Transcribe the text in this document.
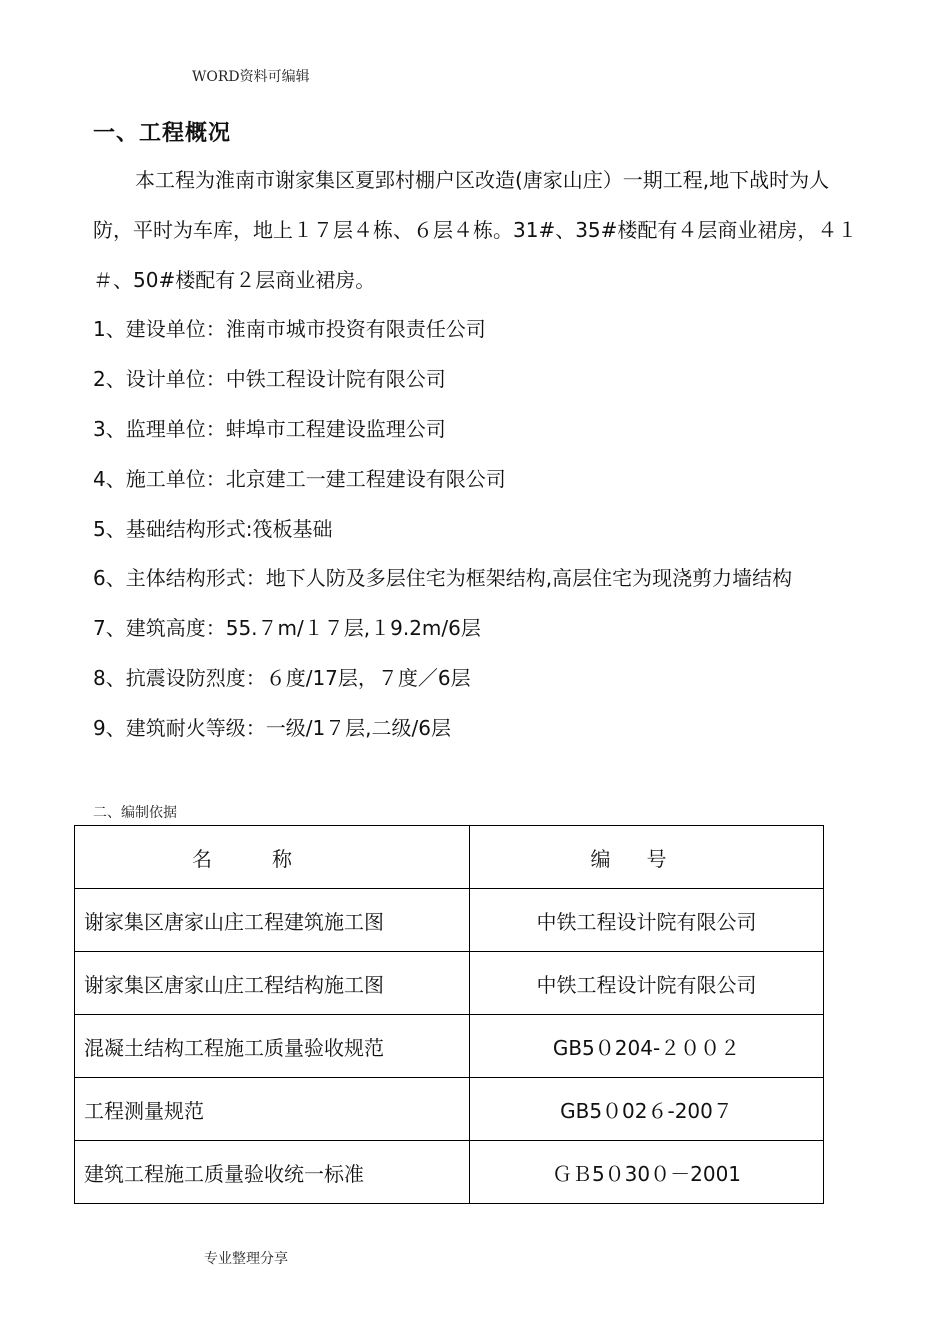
WORD资料可编辑
一、工程概况

本工程为淮南市谢家集区夏郢村棚户区改造(唐家山庄）一期工程,地下战时为人防，平时为车库，地上１７层４栋、６层４栋。31#、35#楼配有４层商业裙房，４１＃、50#楼配有２层商业裙房。

1、建设单位：淮南市城市投资有限责任公司

2、设计单位：中铁工程设计院有限公司

3、监理单位：蚌埠市工程建设监理公司

4、施工单位：北京建工一建工程建设有限公司

5、基础结构形式:筏板基础

6、主体结构形式：地下人防及多层住宅为框架结构,高层住宅为现浇剪力墙结构

7、建筑高度：55.７m/１７层,１9.2m/6层

8、抗震设防烈度：６度/17层，７度／6层

9、建筑耐火等级：一级/1７层,二级/6层

二、编制依据
名称	编号
谢家集区唐家山庄工程建筑施工图	中铁工程设计院有限公司
谢家集区唐家山庄工程结构施工图	中铁工程设计院有限公司
混凝土结构工程施工质量验收规范	GB5０204-２００２
工程测量规范	GB5０02６-200７
建筑工程施工质量验收统一标准	ＧＢ5０30０－2001
专业整理分享
